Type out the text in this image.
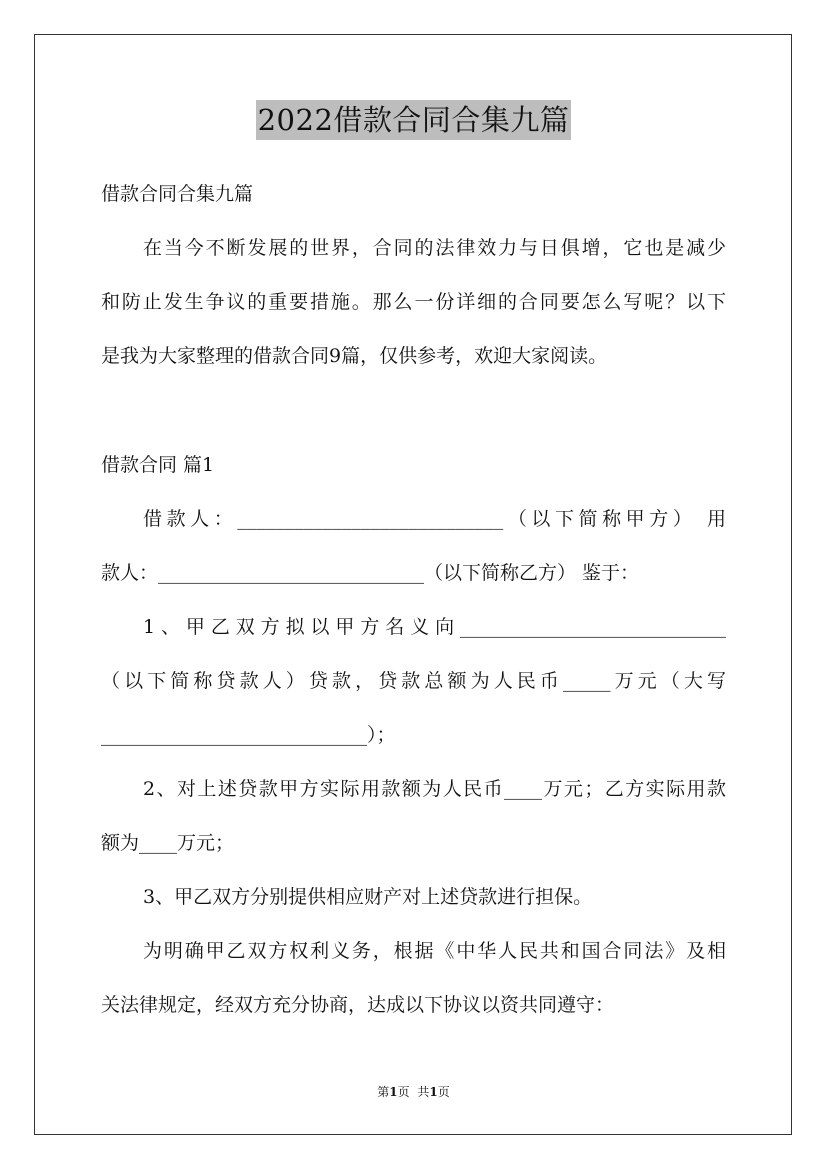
2022借款合同合集九篇
借款合同合集九篇
在当今不断发展的世界，合同的法律效力与日俱增，它也是减少
和防止发生争议的重要措施。那么一份详细的合同要怎么写呢？以下
是我为大家整理的借款合同9篇，仅供参考，欢迎大家阅读。
借款合同 篇1
借款人：____________________________（以下简称甲方） 用
款人：____________________________（以下简称乙方） 鉴于：
1、甲乙双方拟以甲方名义向____________________________
（以下简称贷款人）贷款，贷款总额为人民币_____万元（大写
____________________________）；
2、对上述贷款甲方实际用款额为人民币____万元；乙方实际用款
额为____万元；
3、甲乙双方分别提供相应财产对上述贷款进行担保。
为明确甲乙双方权利义务，根据《中华人民共和国合同法》及相
关法律规定，经双方充分协商，达成以下协议以资共同遵守：
第1页 共1页
